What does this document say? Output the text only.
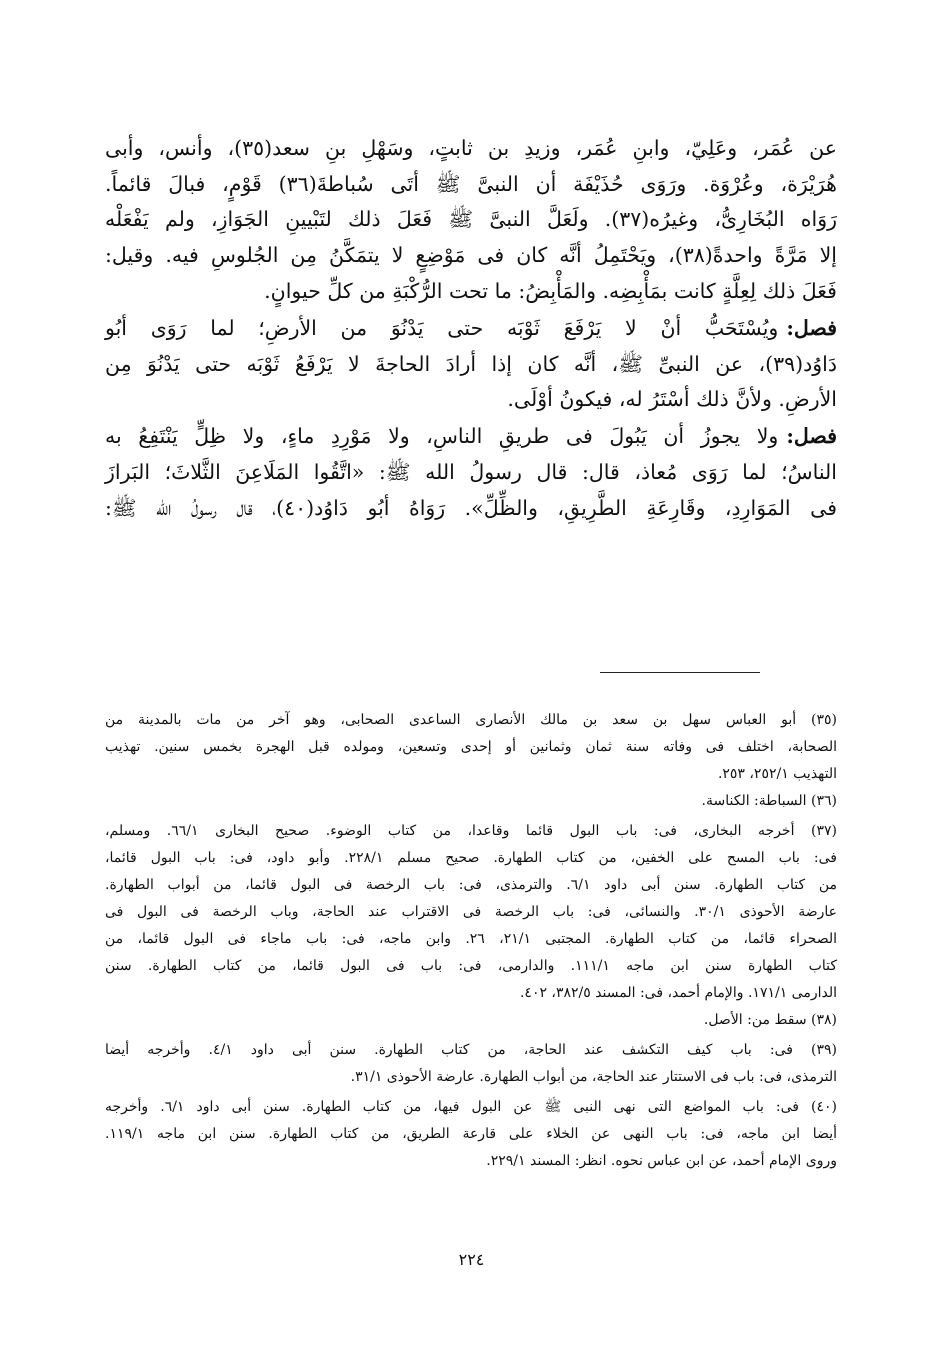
عن عُمَر، وعَلِيّ، وابنِ عُمَر، وزيدِ بن ثابتٍ، وسَهْلِ بنِ سعد(٣٥)، وأنس، وأبى
هُرَيْرَة، وعُرْوَة. ورَوَى حُذَيْفَة أن النبىَّ ﷺ أتَى سُباطةَ(٣٦) قَوْمٍ، فبالَ قائماً.
رَوَاه البُخَارِىُّ، وغيرُه(٣٧). ولَعَلَّ النبىَّ ﷺ فَعَلَ ذلك لتَبْيينِ الجَوَازِ، ولم يَفْعَلْه
إلا مَرَّةً واحدةً(٣٨)، ويَحْتَمِلُ أنَّه كان فى مَوْضِعٍ لا يتمَكَّنُ مِن الجُلوسِ فيه. وقيل:
فَعَلَ ذلك لِعِلَّةٍ كانت بمَأْبِضِه. والمَأْبِضُ: ما تحت الرُّكْبَةِ من كلِّ حيوانٍ.
فصل:
ويُسْتَحَبُّ أنْ لا يَرْفَعَ ثَوْبَه حتى يَدْنُوَ من الأرضِ؛ لما رَوَى أبُو
دَاوُد(٣٩)، عن النبىِّ ﷺ، أنَّه كان إذا أرادَ الحاجةَ لا يَرْفَعُ ثَوْبَه حتى يَدْنُوَ مِن
الأرضِ. ولأنَّ ذلك أسْتَرُ له، فيكونُ أوْلَى.
فصل:
ولا يجوزُ أن يَبُولَ فى طريقِ الناسِ، ولا مَوْرِدِ ماءٍ، ولا ظِلٍّ يَنْتَفِعُ به
الناسُ؛ لما رَوَى مُعاذ، قال: قال رسولُ الله ﷺ: «اتَّقُوا المَلَاعِنَ الثَّلاثَ؛ البَرازَ
فى المَوَارِدِ، وقَارِعَةِ الطَّرِيقِ، والظِّلِّ». رَوَاهُ أبُو دَاوُد(٤٠)، قال رسولُ الله ﷺ:
(٣٥) أبو العباس سهل بن سعد بن مالك الأنصارى الساعدى الصحابى، وهو آخر من مات بالمدينة من
الصحابة، اختلف فى وفاته سنة ثمان وثمانين أو إحدى وتسعين، ومولده قبل الهجرة بخمس سنين. تهذيب
التهذيب ٢٥٢/١، ٢٥٣.
(٣٦) السباطة: الكناسة.
(٣٧) أخرجه البخارى، فى: باب البول قائما وقاعدا، من كتاب الوضوء. صحيح البخارى ٦٦/١. ومسلم،
فى: باب المسح على الخفين، من كتاب الطهارة. صحيح مسلم ٢٢٨/١. وأبو داود، فى: باب البول قائما،
من كتاب الطهارة. سنن أبى داود ٦/١. والترمذى، فى: باب الرخصة فى البول قائما، من أبواب الطهارة.
عارضة الأحوذى ٣٠/١. والنسائى، فى: باب الرخصة فى الاقتراب عند الحاجة، وباب الرخصة فى البول فى
الصحراء قائما، من كتاب الطهارة. المجتبى ٢١/١، ٢٦. وابن ماجه، فى: باب ماجاء فى البول قائما، من
كتاب الطهارة سنن ابن ماجه ١١١/١. والدارمى، فى: باب فى البول قائما، من كتاب الطهارة. سنن
الدارمى ١٧١/١. والإمام أحمد، فى: المسند ٣٨٢/٥، ٤٠٢.
(٣٨) سقط من: الأصل.
(٣٩) فى: باب كيف التكشف عند الحاجة، من كتاب الطهارة. سنن أبى داود ٤/١. وأخرجه أيضا
الترمذى، فى: باب فى الاستتار عند الحاجة، من أبواب الطهارة. عارضة الأحوذى ٣١/١.
(٤٠) فى: باب المواضع التى نهى النبى ﷺ عن البول فيها، من كتاب الطهارة. سنن أبى داود ٦/١. وأخرجه
أيضا ابن ماجه، فى: باب النهى عن الخلاء على قارعة الطريق، من كتاب الطهارة. سنن ابن ماجه ١١٩/١.
وروى الإمام أحمد، عن ابن عباس نحوه. انظر: المسند ٢٢٩/١.
٢٢٤
